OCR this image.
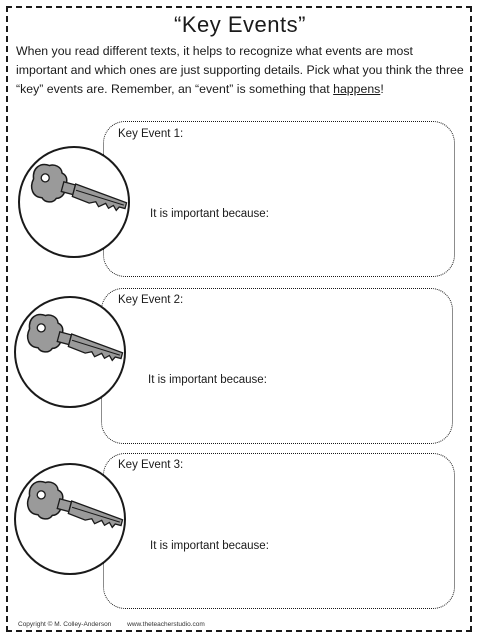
“Key Events”
When you read different texts, it helps to recognize what events are most important and which ones are just supporting details. Pick what you think the three “key” events are. Remember, an “event” is something that happens!
Key Event 1:
It is important because:
Key Event 2:
It is important because:
Key Event 3:
It is important because:
Copyright © M. Colley-Anderson www.theteacherstudio.com
